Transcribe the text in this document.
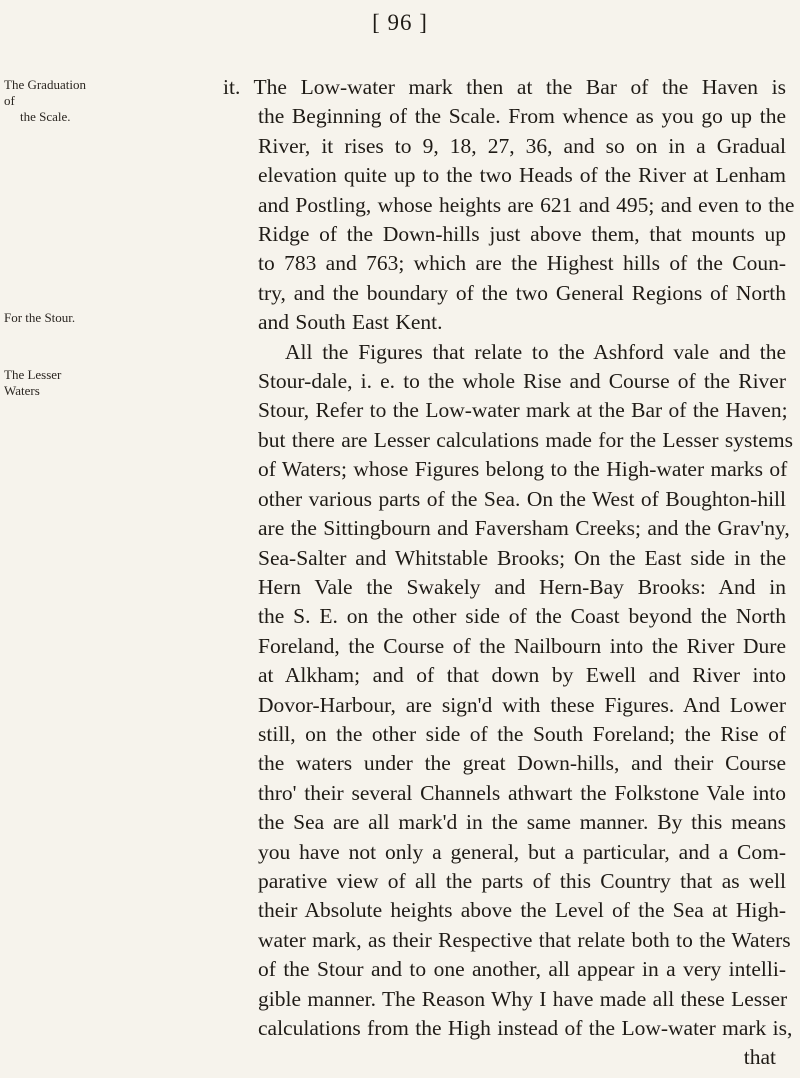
[ 96 ]
The Graduation of
the Scale.
For the Stour.
The Lesser Waters
it. The Low-water mark then at the Bar of the Haven is
the Beginning of the Scale. From whence as you go up the
River, it rises to 9, 18, 27, 36, and so on in a Gradual
elevation quite up to the two Heads of the River at Lenham
and Postling, whose heights are 621 and 495; and even to the
Ridge of the Down-hills just above them, that mounts up
to 783 and 763; which are the Highest hills of the Coun-
try, and the boundary of the two General Regions of North
and South East Kent.
All the Figures that relate to the Ashford vale and the
Stour-dale, i. e. to the whole Rise and Course of the River
Stour, Refer to the Low-water mark at the Bar of the Haven;
but there are Lesser calculations made for the Lesser systems
of Waters; whose Figures belong to the High-water marks of
other various parts of the Sea. On the West of Boughton-hill
are the Sittingbourn and Faversham Creeks; and the Grav'ny,
Sea-Salter and Whitstable Brooks; On the East side in the
Hern Vale the Swakely and Hern-Bay Brooks: And in
the S. E. on the other side of the Coast beyond the North
Foreland, the Course of the Nailbourn into the River Dure
at Alkham; and of that down by Ewell and River into
Dovor-Harbour, are sign'd with these Figures. And Lower
still, on the other side of the South Foreland; the Rise of
the waters under the great Down-hills, and their Course
thro' their several Channels athwart the Folkstone Vale into
the Sea are all mark'd in the same manner. By this means
you have not only a general, but a particular, and a Com-
parative view of all the parts of this Country that as well
their Absolute heights above the Level of the Sea at High-
water mark, as their Respective that relate both to the Waters
of the Stour and to one another, all appear in a very intelli-
gible manner. The Reason Why I have made all these Lesser
calculations from the High instead of the Low-water mark is,
that
